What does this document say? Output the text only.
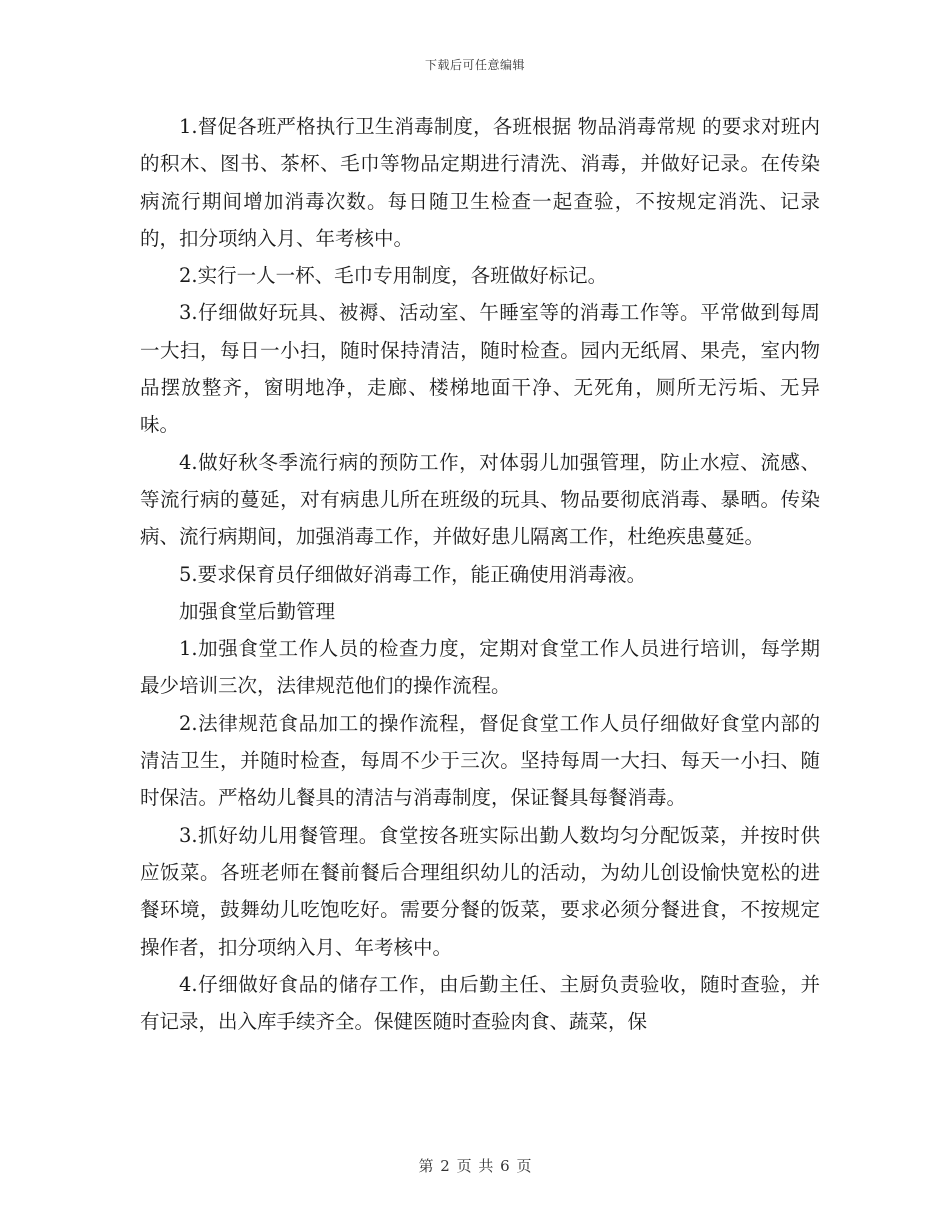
下载后可任意编辑

1.督促各班严格执行卫生消毒制度，各班根据 物品消毒常规 的要求对班内的积木、图书、茶杯、毛巾等物品定期进行清洗、消毒，并做好记录。在传染病流行期间增加消毒次数。每日随卫生检查一起查验，不按规定消洗、记录的，扣分项纳入月、年考核中。

2.实行一人一杯、毛巾专用制度，各班做好标记。

3.仔细做好玩具、被褥、活动室、午睡室等的消毒工作等。平常做到每周一大扫，每日一小扫，随时保持清洁，随时检查。园内无纸屑、果壳，室内物品摆放整齐，窗明地净，走廊、楼梯地面干净、无死角，厕所无污垢、无异味。

4.做好秋冬季流行病的预防工作，对体弱儿加强管理，防止水痘、流感、等流行病的蔓延，对有病患儿所在班级的玩具、物品要彻底消毒、暴晒。传染病、流行病期间，加强消毒工作，并做好患儿隔离工作，杜绝疾患蔓延。

5.要求保育员仔细做好消毒工作，能正确使用消毒液。

加强食堂后勤管理

1.加强食堂工作人员的检查力度，定期对食堂工作人员进行培训，每学期最少培训三次，法律规范他们的操作流程。

2.法律规范食品加工的操作流程，督促食堂工作人员仔细做好食堂内部的清洁卫生，并随时检查，每周不少于三次。坚持每周一大扫、每天一小扫、随时保洁。严格幼儿餐具的清洁与消毒制度，保证餐具每餐消毒。

3.抓好幼儿用餐管理。食堂按各班实际出勤人数均匀分配饭菜，并按时供应饭菜。各班老师在餐前餐后合理组织幼儿的活动，为幼儿创设愉快宽松的进餐环境，鼓舞幼儿吃饱吃好。需要分餐的饭菜，要求必须分餐进食，不按规定操作者，扣分项纳入月、年考核中。

4.仔细做好食品的储存工作，由后勤主任、主厨负责验收，随时查验，并有记录，出入库手续齐全。保健医随时查验肉食、蔬菜，保

第 2 页 共 6 页
